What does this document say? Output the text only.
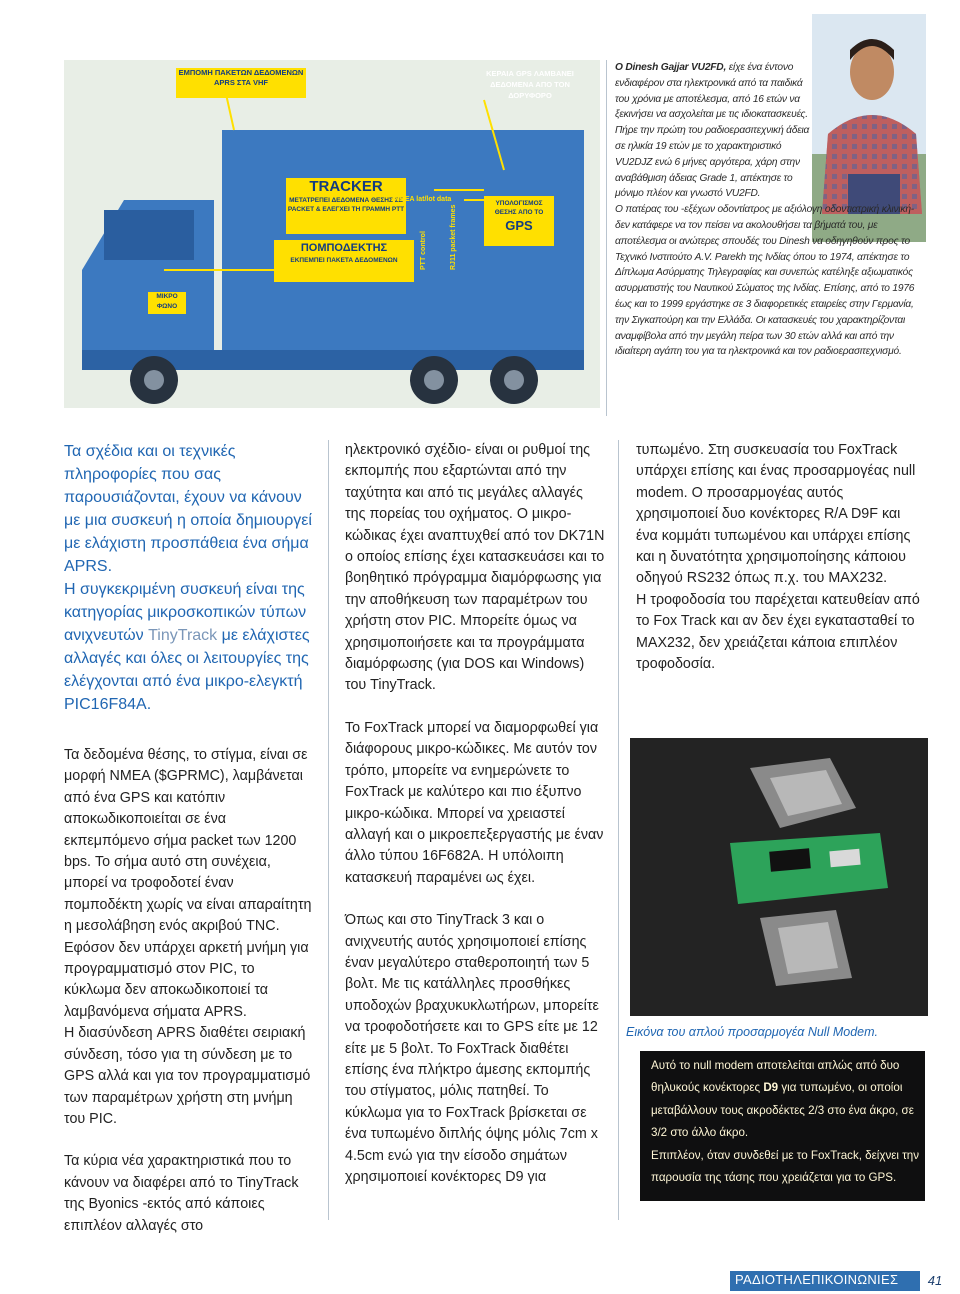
ΕΜΠΟΜΗ ΠΑΚΕΤΩΝ ΔΕΔΟΜΕΝΩΝ APRS ΣΤΑ VHF
ΚΕΡΑΙΑ GPS ΛΑΜΒΑΝΕΙ ΔΕΔΟΜΕΝΑ ΑΠΟ ΤΟΝ ΔΟΡΥΦΟΡΟ
TRACKER
ΜΕΤΑΤΡΕΠΕΙ ΔΕΔΟΜΕΝΑ ΘΕΣΗΣ ΣΕ PACKET & ΕΛΕΓΧΕΙ ΤΗ ΓΡΑΜΜΗ PTT
ΠΟΜΠΟΔΕΚΤΗΣ
ΕΚΠΕΜΠΕΙ ΠΑΚΕΤΑ ΔΕΔΟΜΕΝΩΝ
ΥΠΟΛΟΓΙΣΜΟΣ ΘΕΣΗΣ ΑΠΟ ΤΟ
GPS
NMEA lat/lot data
PTT control	RJ11 packet frames
ΜΙΚΡΟ ΦΩΝΟ

Ο Dinesh Gajjar VU2FD, είχε ένα έντονο ενδιαφέρον στα ηλεκτρονικά από τα παιδικά του χρόνια με αποτέλεσμα, από 16 ετών να ξεκινήσει να ασχολείται με τις ιδιοκατασκευές. Πήρε την πρώτη του ραδιοερασιτεχνική άδεια σε ηλικία 19 ετών με το χαρακτηριστικό VU2DJZ ενώ 6 μήνες αργότερα, χάρη στην αναβάθμιση άδειας Grade 1, απέκτησε το μόνιμο πλέον και γνωστό VU2FD.

Ο πατέρας του -εξέχων οδοντίατρος με αξιόλογη οδοντιατρική κλινική- δεν κατάφερε να τον πείσει να ακολουθήσει τα βήματά του, με αποτέλεσμα οι ανώτερες σπουδές του Dinesh να οδηγηθούν προς το Τεχνικό Ινστιτούτο A.V. Parekh της Ινδίας όπου το 1974, απέκτησε το Δίπλωμα Ασύρματης Τηλεγραφίας και συνεπώς κατέληξε αξιωματικός ασυρματιστής του Ναυτικού Σώματος της Ινδίας. Επίσης, από το 1976 έως και το 1999 εργάστηκε σε 3 διαφορετικές εταιρείες στην Γερμανία, την Σιγκαπούρη και την Ελλάδα. Οι κατασκευές του χαρακτηρίζονται αναμφίβολα από την μεγάλη πείρα των 30 ετών αλλά και από την ιδιαίτερη αγάπη του για τα ηλεκτρονικά και τον ραδιοερασιτεχνισμό.

Τα σχέδια και οι τεχνικές πληροφορίες που σας παρουσιάζονται, έχουν να κάνουν με μια συσκευή η οποία δημιουργεί με ελάχιστη προσπάθεια ένα σήμα APRS.

Η συγκεκριμένη συσκευή είναι της κατηγορίας μικροσκοπικών τύπων ανιχνευτών TinyTrack με ελάχιστες αλλαγές και όλες οι λειτουργίες της ελέγχονται από ένα μικρο-ελεγκτή PIC16F84A.

Τα δεδομένα θέσης, το στίγμα, είναι σε μορφή NMEA ($GPRMC), λαμβάνεται από ένα GPS και κατόπιν αποκωδικοποιείται σε ένα εκπεμπόμενο σήμα packet των 1200 bps. Το σήμα αυτό στη συνέχεια, μπορεί να τροφοδοτεί έναν πομποδέκτη χωρίς να είναι απαραίτητη η μεσολάβηση ενός ακριβού TNC. Εφόσον δεν υπάρχει αρκετή μνήμη για προγραμματισμό στον PIC, το κύκλωμα δεν αποκωδικοποιεί τα λαμβανόμενα σήματα APRS.

Η διασύνδεση APRS διαθέτει σειριακή σύνδεση, τόσο για τη σύνδεση με το GPS αλλά και για τον προγραμματισμό των παραμέτρων χρήστη στη μνήμη του PIC.

Τα κύρια νέα χαρακτηριστικά που το κάνουν να διαφέρει από το TinyTrack της Byonics -εκτός από κάποιες επιπλέον αλλαγές στο

ηλεκτρονικό σχέδιο- είναι οι ρυθμοί της εκπομπής που εξαρτώνται από την ταχύτητα και από τις μεγάλες αλλαγές της πορείας του οχήματος. Ο μικρο-κώδικας έχει αναπτυχθεί από τον DK71N ο οποίος επίσης έχει κατασκευάσει και το βοηθητικό πρόγραμμα διαμόρφωσης για την αποθήκευση των παραμέτρων του χρήστη στον PIC. Μπορείτε όμως να χρησιμοποιήσετε και τα προγράμματα διαμόρφωσης (για DOS και Windows) του TinyTrack.

Το FoxTrack μπορεί να διαμορφωθεί για διάφορους μικρο-κώδικες. Με αυτόν τον τρόπο, μπορείτε να ενημερώνετε το FoxTrack με καλύτερο και πιο έξυπνο μικρο-κώδικα. Μπορεί να χρειαστεί αλλαγή και ο μικροεπεξεργαστής με έναν άλλο τύπου 16F682A. Η υπόλοιπη κατασκευή παραμένει ως έχει.

Όπως και στο TinyTrack 3 και ο ανιχνευτής αυτός χρησιμοποιεί επίσης έναν μεγαλύτερο σταθεροποιητή των 5 βολτ. Με τις κατάλληλες προσθήκες υποδοχών βραχυκυκλωτήρων, μπορείτε να τροφοδοτήσετε και το GPS είτε με 12 είτε με 5 βολτ. Το FoxTrack διαθέτει επίσης ένα πλήκτρο άμεσης εκπομπής του στίγματος, μόλις πατηθεί. Το κύκλωμα για το FoxTrack βρίσκεται σε ένα τυπωμένο διπλής όψης μόλις 7cm x 4.5cm ενώ για την είσοδο σημάτων χρησιμοποιεί κονέκτορες D9 για

τυπωμένο. Στη συσκευασία του FoxTrack υπάρχει επίσης και ένας προσαρμογέας null modem. Ο προσαρμογέας αυτός χρησιμοποιεί δυο κονέκτορες R/A D9F και ένα κομμάτι τυπωμένου και υπάρχει επίσης και η δυνατότητα χρησιμοποίησης κάποιου οδηγού RS232 όπως π.χ. του MAX232.

Η τροφοδοσία του παρέχεται κατευθείαν από το Fox Track και αν δεν έχει εγκατασταθεί το MAX232, δεν χρειάζεται κάποια επιπλέον τροφοδοσία.

Εικόνα του απλού προσαρμογέα Null Modem.
Αυτό το null modem αποτελείται απλώς από δυο θηλυκούς κονέκτορες D9 για τυπωμένο, οι οποίοι μεταβάλλουν τους ακροδέκτες 2/3 στο ένα άκρο, σε 3/2 στο άλλο άκρο.
Επιπλέον, όταν συνδεθεί με το FoxTrack, δείχνει την παρουσία της τάσης που χρειάζεται για το GPS.
ΡΑΔΙΟΤΗΛΕΠΙΚΟΙΝΩΝΙΕΣ	41
